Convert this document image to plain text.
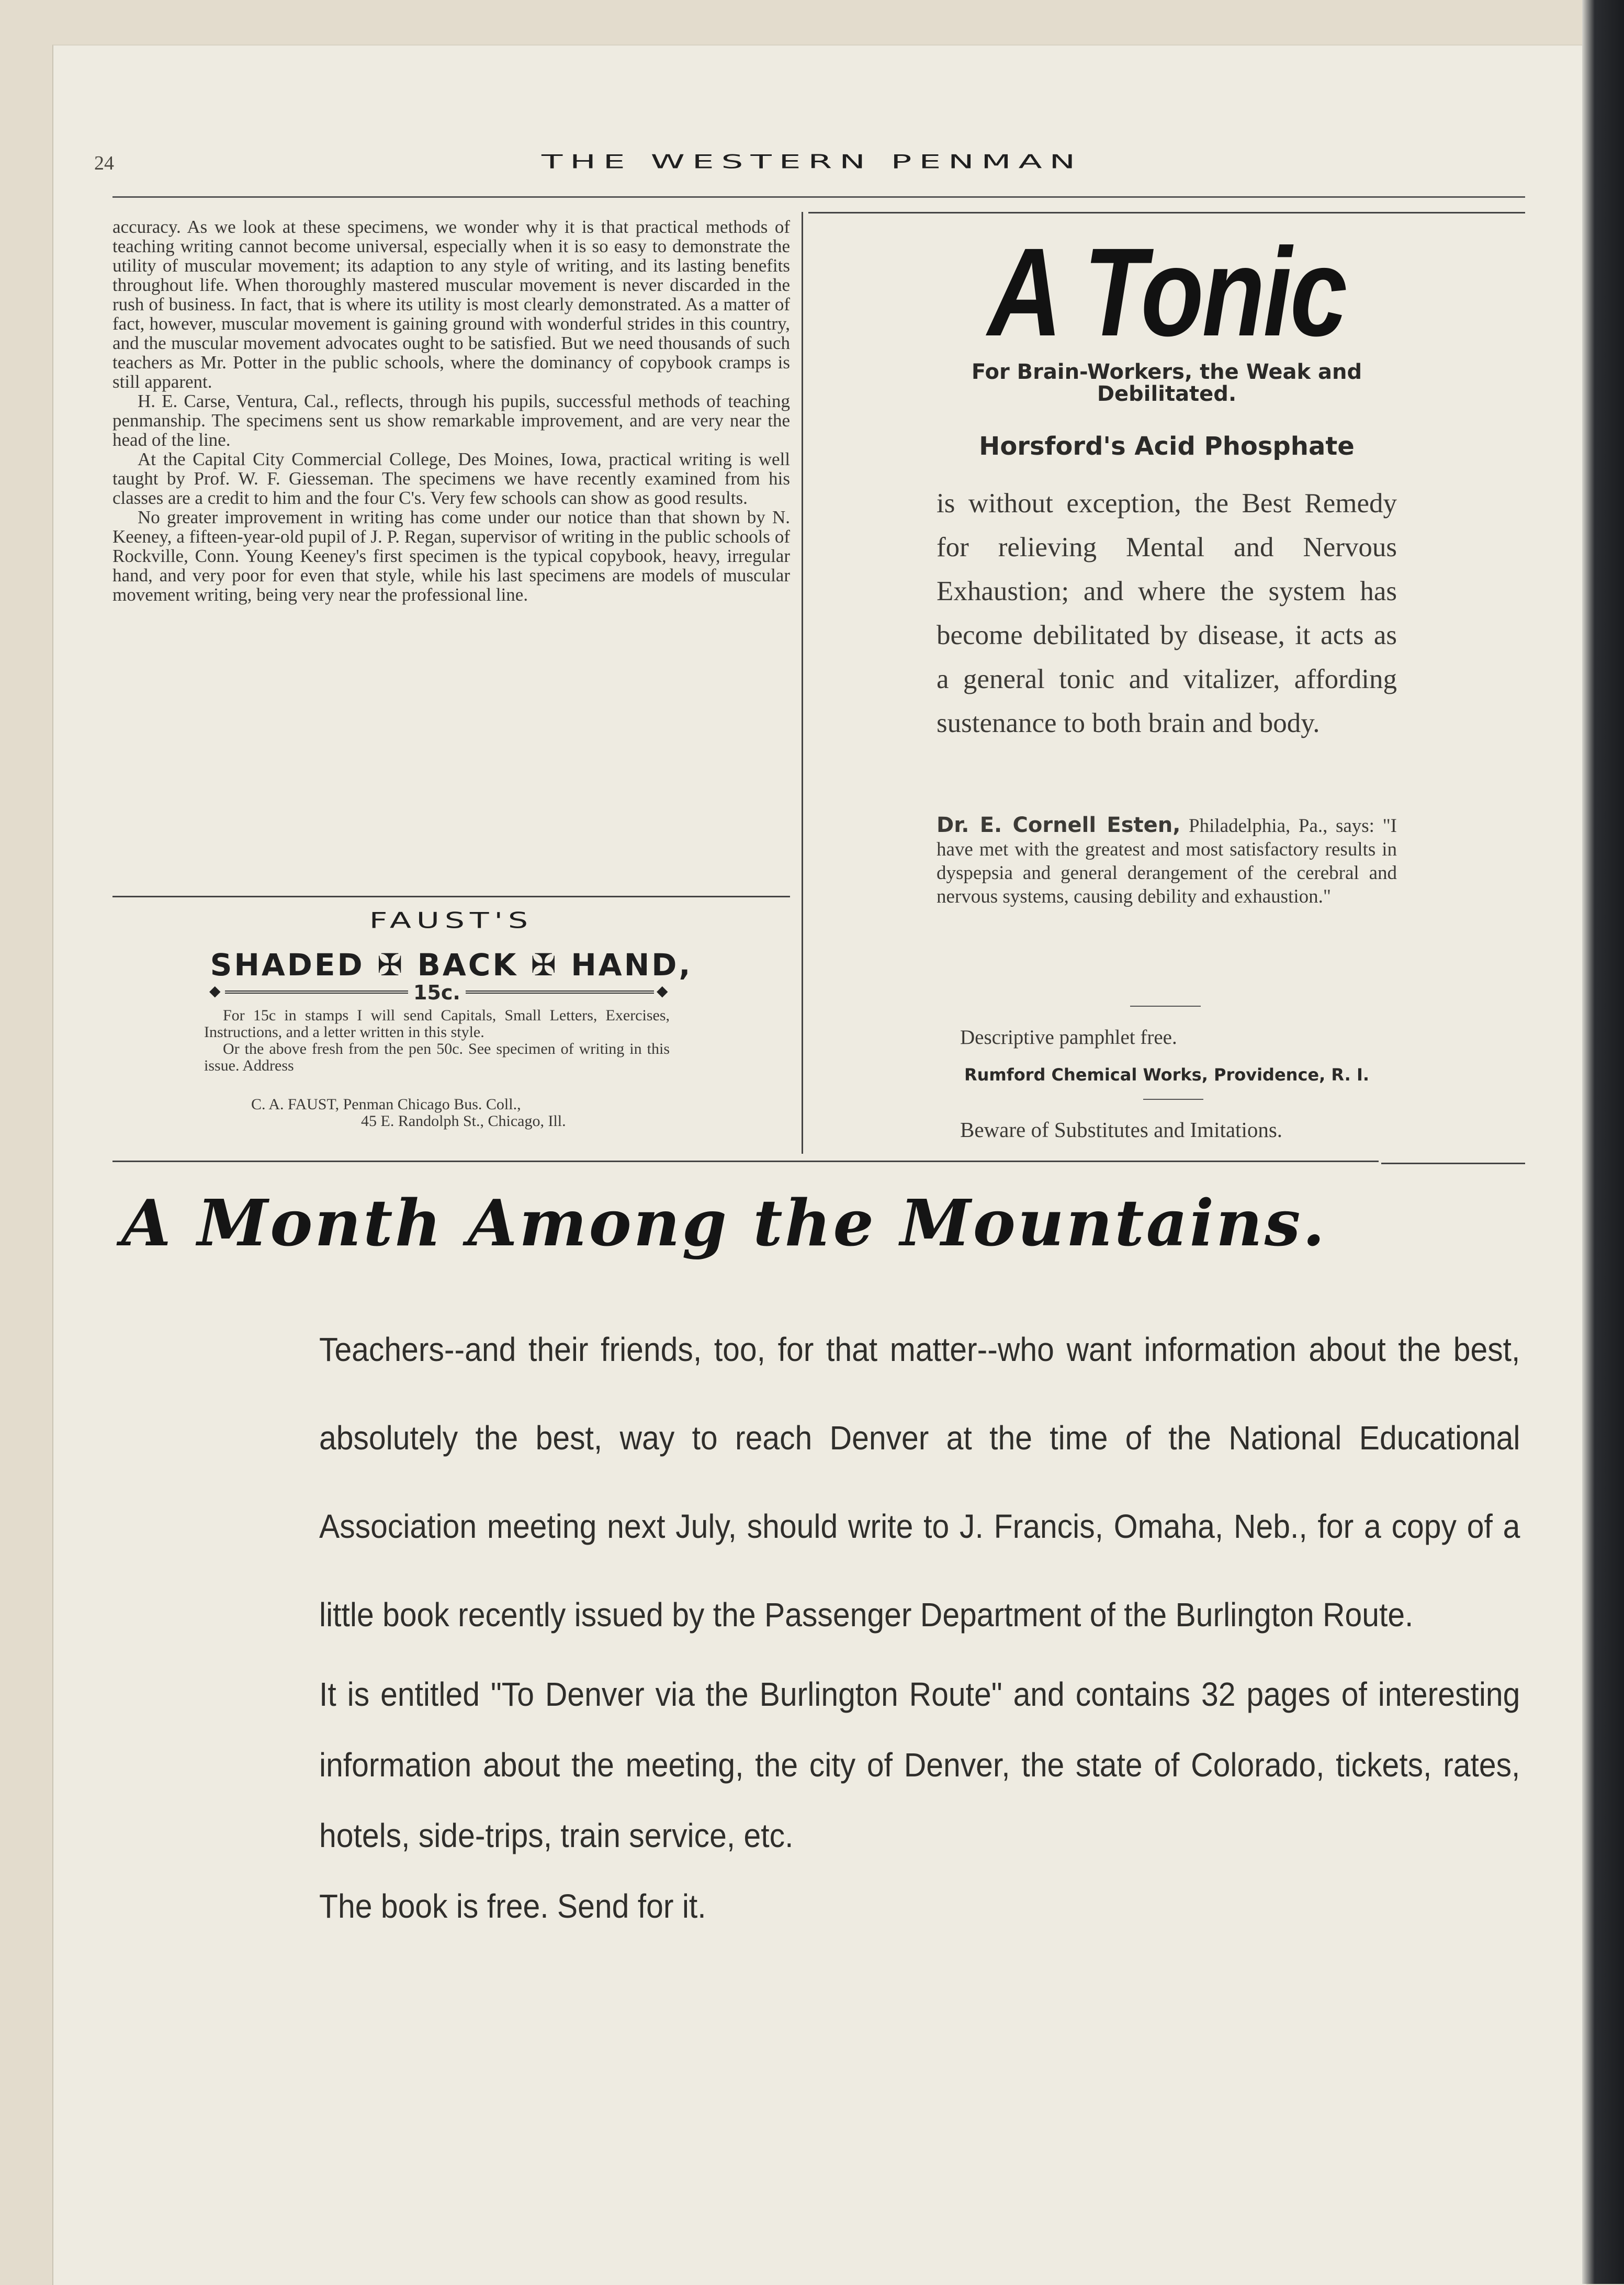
24	THE WESTERN PENMAN

accuracy. As we look at these specimens, we wonder why it is that practical methods of teaching writing cannot become universal, especially when it is so easy to demonstrate the utility of muscular movement; its adaption to any style of writing, and its lasting benefits throughout life. When thoroughly mastered muscular movement is never discarded in the rush of business. In fact, that is where its utility is most clearly demonstrated. As a matter of fact, however, muscular movement is gaining ground with wonderful strides in this country, and the muscular movement advocates ought to be satisfied. But we need thousands of such teachers as Mr. Potter in the public schools, where the dominancy of copybook cramps is still apparent.

H. E. Carse, Ventura, Cal., reflects, through his pupils, successful methods of teaching penmanship. The specimens sent us show remarkable improvement, and are very near the head of the line.

At the Capital City Commercial College, Des Moines, Iowa, practical writing is well taught by Prof. W. F. Giesseman. The specimens we have recently examined from his classes are a credit to him and the four C's. Very few schools can show as good results.

No greater improvement in writing has come under our notice than that shown by N. Keeney, a fifteen-year-old pupil of J. P. Regan, supervisor of writing in the public schools of Rockville, Conn. Young Keeney's first specimen is the typical copybook, heavy, irregular hand, and very poor for even that style, while his last specimens are models of muscular movement writing, being very near the professional line.

FAUST'S
SHADED ✠ BACK ✠ HAND,
◆	15c.	◆

For 15c in stamps I will send Capitals, Small Letters, Exercises, Instructions, and a letter written in this style.

Or the above fresh from the pen 50c. See specimen of writing in this issue. Address

C. A. FAUST, Penman Chicago Bus. Coll.,
45 E. Randolph St., Chicago, Ill.
A Tonic
For Brain-Workers, the Weak and Debilitated.
Horsford's Acid Phosphate
is without exception, the Best Remedy for relieving Mental and Nervous Exhaustion; and where the system has become debilitated by disease, it acts as a general tonic and vitalizer, affording sustenance to both brain and body.
Dr. E. Cornell Esten, Philadelphia, Pa., says: "I have met with the greatest and most satisfactory results in dyspepsia and general derangement of the cerebral and nervous systems, causing debility and exhaustion."
Descriptive pamphlet free.
Rumford Chemical Works, Providence, R. I.
Beware of Substitutes and Imitations.
A Month Among the Mountains.

Teachers--and their friends, too, for that matter--who want information about the best, absolutely the best, way to reach Denver at the time of the National Educational Association meeting next July, should write to J. Francis, Omaha, Neb., for a copy of a little book recently issued by the Passenger Department of the Burlington Route.

It is entitled "To Denver via the Burlington Route" and contains 32 pages of interesting information about the meeting, the city of Denver, the state of Colorado, tickets, rates, hotels, side-trips, train service, etc.

The book is free. Send for it.
